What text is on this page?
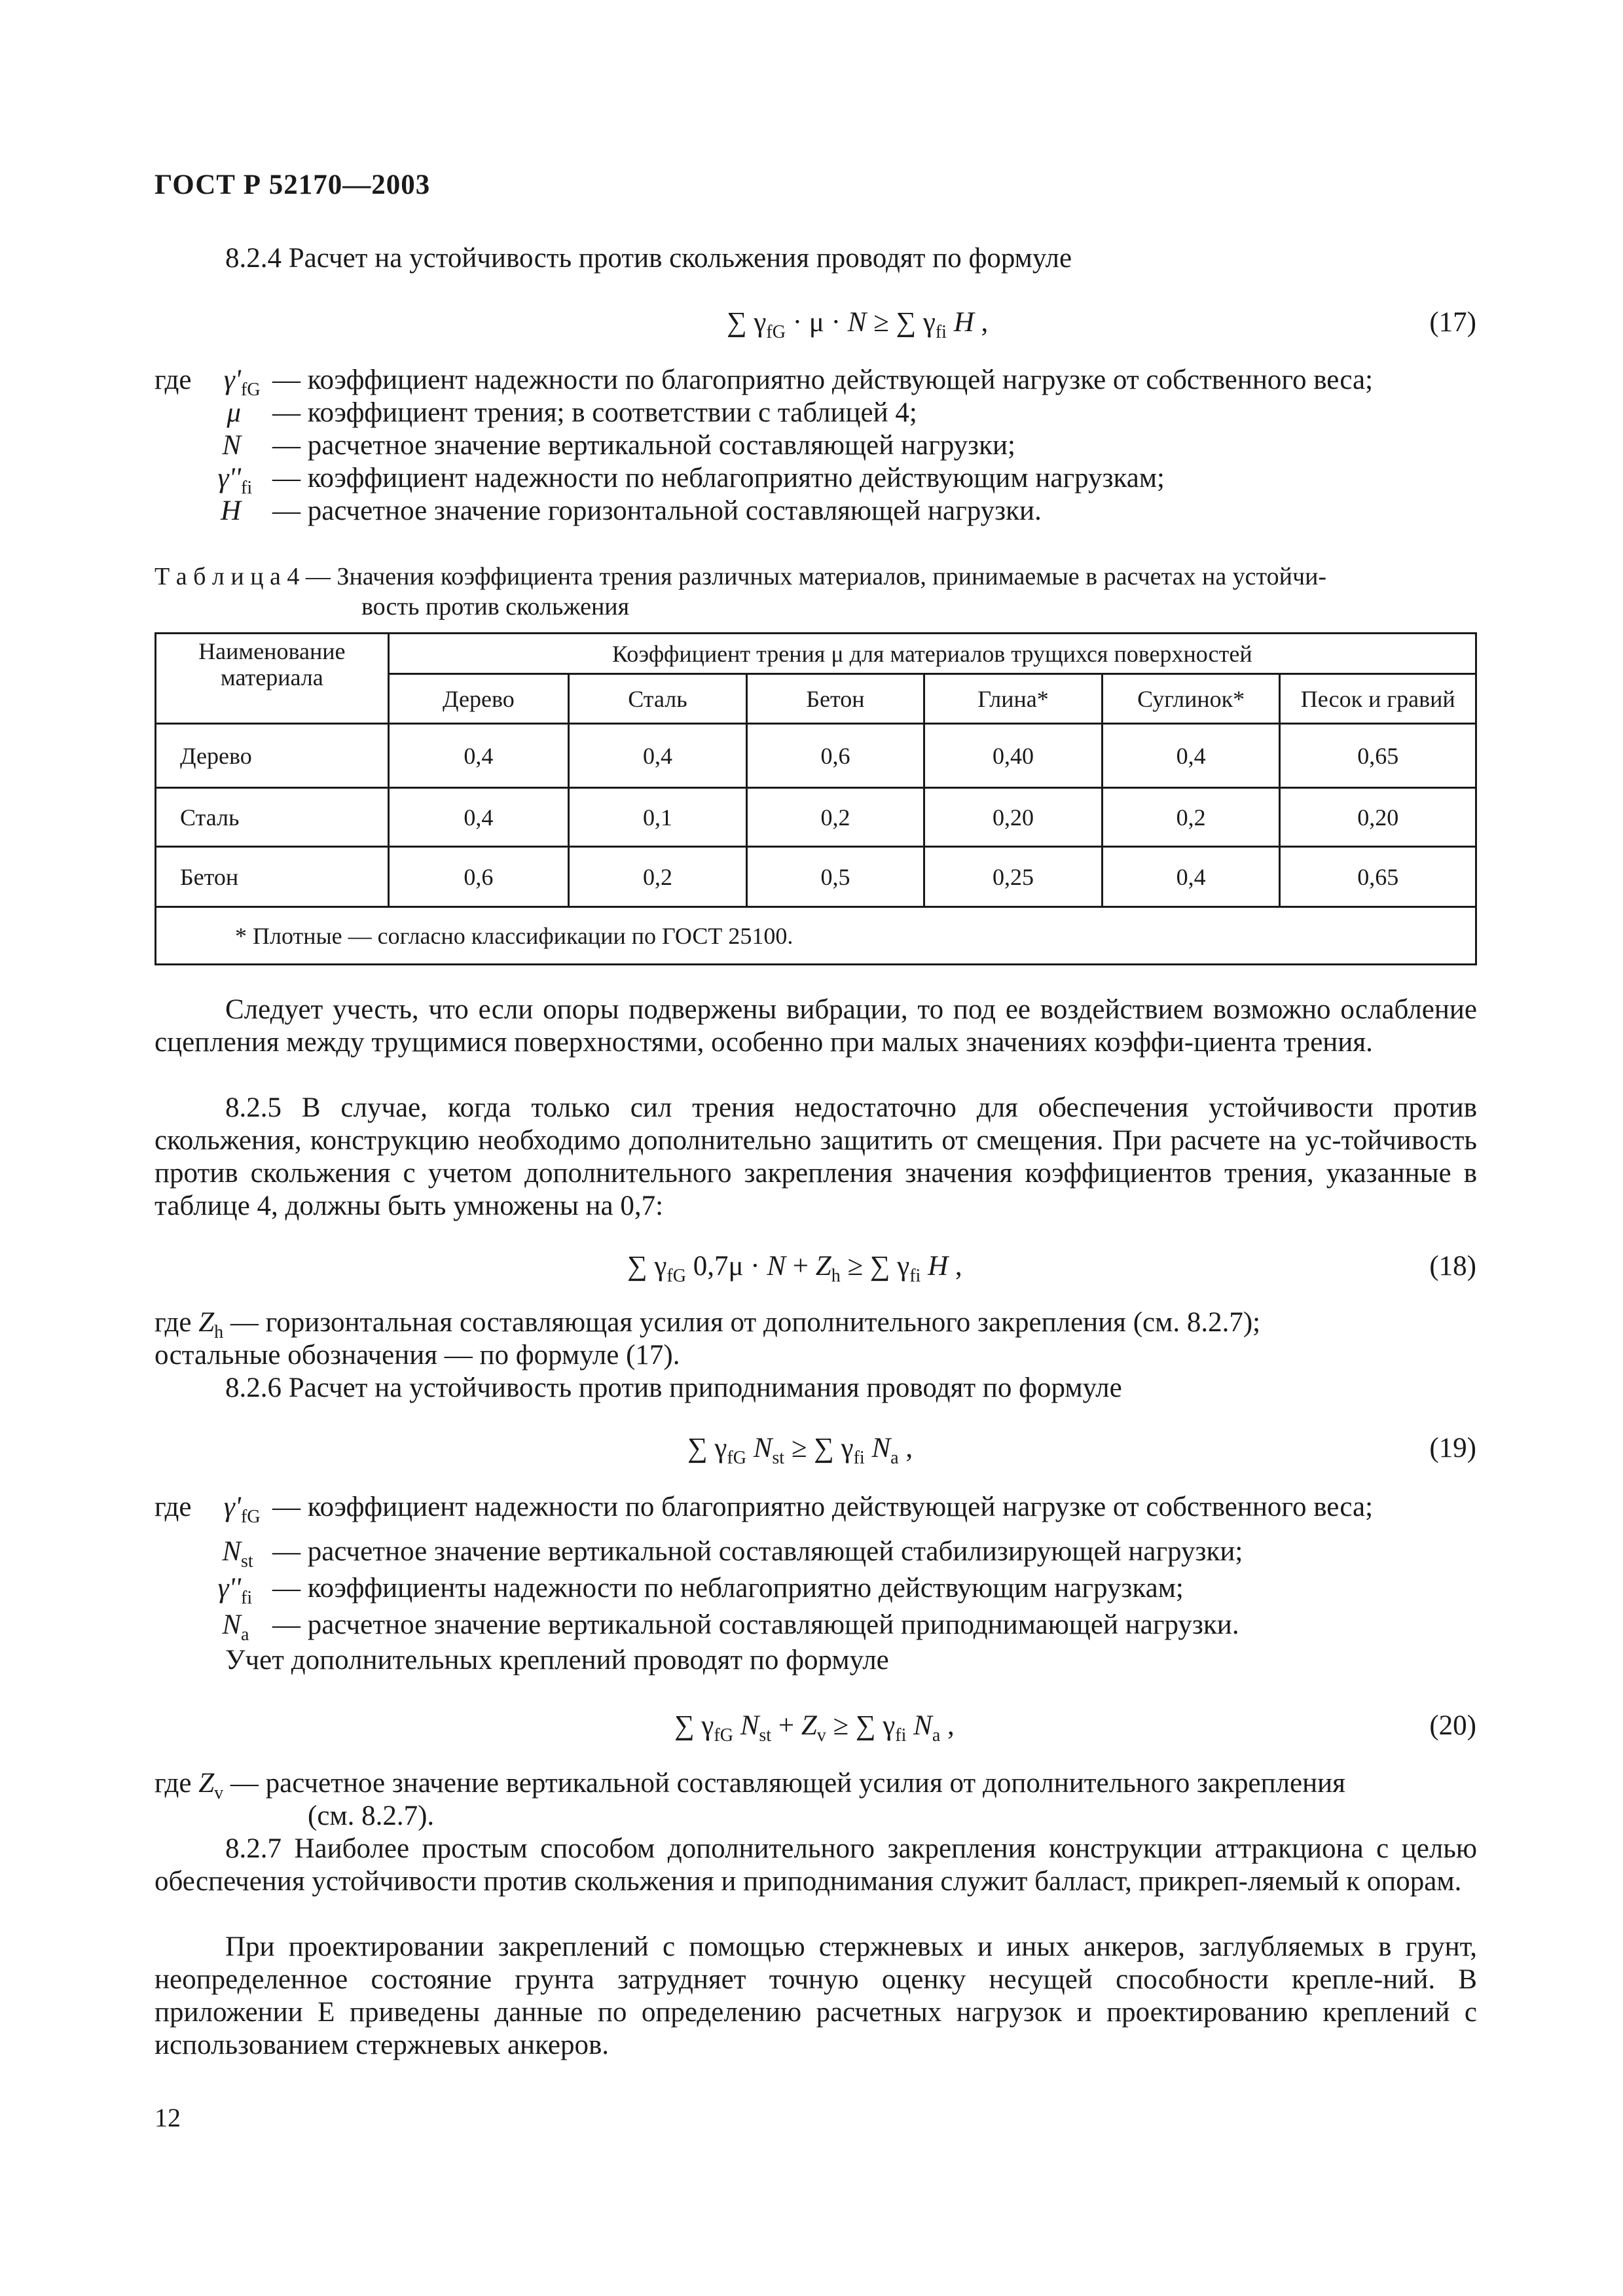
ГОСТ Р 52170—2003
8.2.4 Расчет на устойчивость против скольжения проводят по формуле
∑ $\gamma_{fG} \cdot \mu \cdot N$ ≥ ∑ $\gamma_{fi}$ H ,	(17)
где γ'fG — коэффициент надежности по благоприятно действующей нагрузке от собственного веса;
μ — коэффициент трения; в соответствии с таблицей 4;
N — расчетное значение вертикальной составляющей нагрузки;
γ''fi — коэффициент надежности по неблагоприятно действующим нагрузкам;
H — расчетное значение горизонтальной составляющей нагрузки.
Т а б л и ц а 4 — Значения коэффициента трения различных материалов, принимаемые в расчетах на устойчи-
вость против скольжения
Наименование материала	Коэффициент трения μ для материалов трущихся поверхностей					
	Дерево	Сталь	Бетон	Глина*	Суглинок*	Песок и гравий
Дерево	0,4	0,4	0,6	0,40	0,4	0,65
Сталь	0,4	0,1	0,2	0,20	0,2	0,20
Бетон	0,6	0,2	0,5	0,25	0,4	0,65
* Плотные — согласно классификации по ГОСТ 25100.						
Следует учесть, что если опоры подвержены вибрации, то под ее воздействием возможно ослабление сцепления между трущимися поверхностями, особенно при малых значениях коэффи-циента трения.
8.2.5 В случае, когда только сил трения недостаточно для обеспечения устойчивости против скольжения, конструкцию необходимо дополнительно защитить от смещения. При расчете на ус-тойчивость против скольжения с учетом дополнительного закрепления значения коэффициентов трения, указанные в таблице 4, должны быть умножены на 0,7:
∑ $\gamma_{fG}$ $0,7\mu \cdot N + Z_h$ ≥ ∑ $\gamma_{fi}$ H ,	(18)
где $Z_h$ — горизонтальная составляющая усилия от дополнительного закрепления (см. 8.2.7);
остальные обозначения — по формуле (17).
8.2.6 Расчет на устойчивость против приподнимания проводят по формуле
∑ $\gamma_{fG}$ $N_{st}$ ≥ ∑ $\gamma_{fi}$ $N_a$ ,	(19)
где γ'fG — коэффициент надежности по благоприятно действующей нагрузке от собственного веса;
Nst — расчетное значение вертикальной составляющей стабилизирующей нагрузки;
γ''fi — коэффициенты надежности по неблагоприятно действующим нагрузкам;
Na — расчетное значение вертикальной составляющей приподнимающей нагрузки.
Учет дополнительных креплений проводят по формуле
∑ $\gamma_{fG}$ $N_{st} + Z_v$ ≥ ∑ $\gamma_{fi}$ $N_a$ ,	(20)
где $Z_v$ — расчетное значение вертикальной составляющей усилия от дополнительного закрепления
(см. 8.2.7).
8.2.7 Наиболее простым способом дополнительного закрепления конструкции аттракциона с целью обеспечения устойчивости против скольжения и приподнимания служит балласт, прикреп-ляемый к опорам.
При проектировании закреплений с помощью стержневых и иных анкеров, заглубляемых в грунт, неопределенное состояние грунта затрудняет точную оценку несущей способности крепле-ний. В приложении Е приведены данные по определению расчетных нагрузок и проектированию креплений с использованием стержневых анкеров.
12
